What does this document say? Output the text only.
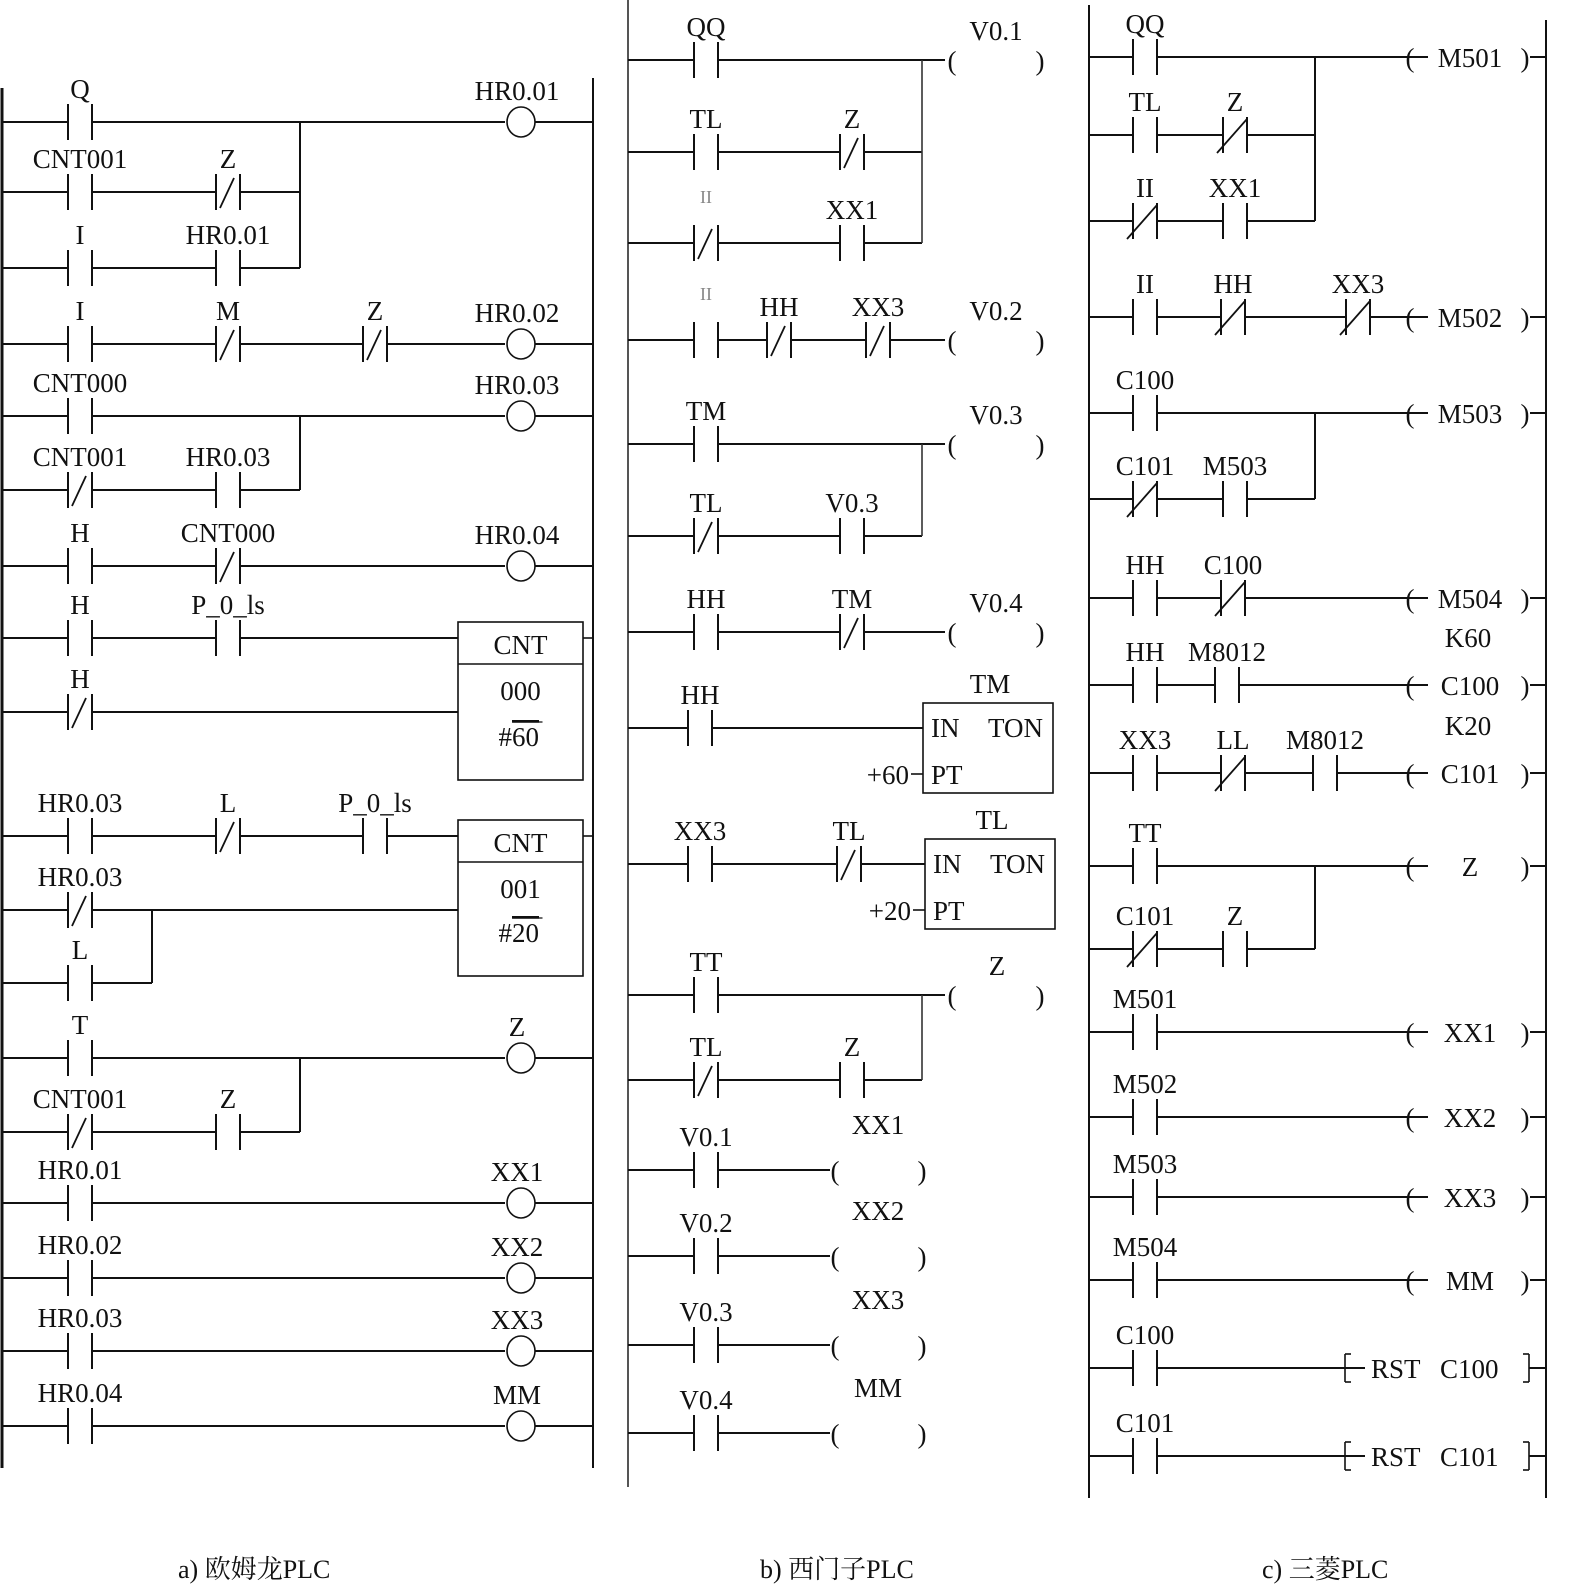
Q
CNT001	Z
I	HR0.01
HR0.01
I	M	Z	HR0.02
CNT000
CNT001 HR0.03
HR0.03
H	CNT000	HR0.04
H	P_0_ls
H
CNT
000
#60
HR0.03	L	P_0_ls
HR0.03
L
CNT
001
#20
T
CNT001	Z
Z
HR0.01	XX1
HR0.02	XX2
HR0.03	XX3
HR0.04	MM
QQ
TL	Z
II	XX1
(	)
V0.1
II HH XX3
(	)
V0.2
TM
TL	V0.3
(	)
V0.3
HH	TM
(	)
V0.4
HH	TM
IN TON
PT
+60
XX3	TL	TL
IN TON
PT
+20
TT
TL	Z
(	)
Z
V0.1
(	)
XX1
V0.2
(	)
XX2
V0.3
(	)
XX3
V0.4
(	)
MM
QQ
TL Z
II XX1
(	)
M501
II HH	XX3
(	)
M502
C100
C101 M503
(	)
M503
HH C100
(	)
M504
HH M8012
(	)
C100
K60
XX3 LL M8012
(	)
C101
K20
TT
C101 Z
(	)
Z
M501
(	)
XX1
M502
(	)
XX2
M503
(	)
XX3
M504
(	)
MM
C100
RST C100
C101
RST C101
a) 欧姆龙PLC	b) 西门子PLC	c) 三菱PLC
